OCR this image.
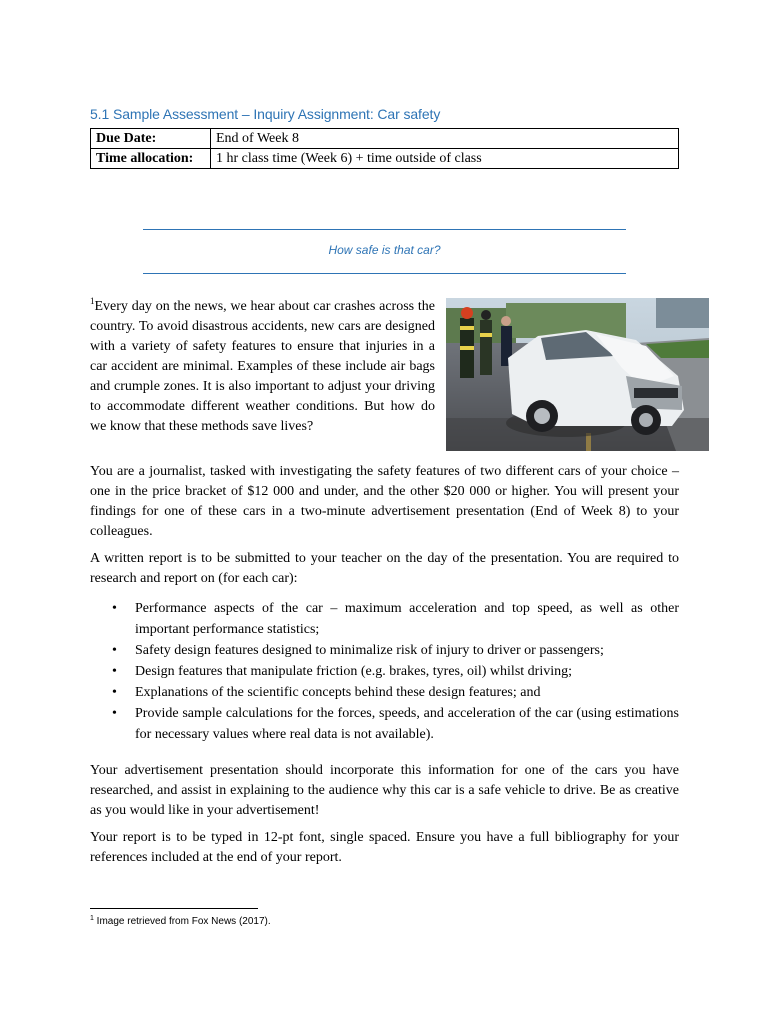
5.1 Sample Assessment – Inquiry Assignment: Car safety
Due Date:	End of Week 8
Time allocation:	1 hr class time (Week 6) + time outside of class
How safe is that car?

$^1$Every day on the news, we hear about car crashes across the country. To avoid disastrous accidents, new cars are designed with a variety of safety features to ensure that injuries in a car accident are minimal. Examples of these include air bags and crumple zones. It is also important to adjust your driving to accommodate different weather conditions. But how do we know that these methods save lives?

You are a journalist, tasked with investigating the safety features of two different cars of your choice – one in the price bracket of $12 000 and under, and the other $20 000 or higher. You will present your findings for one of these cars in a two-minute advertisement presentation (End of Week 8) to your colleagues.

A written report is to be submitted to your teacher on the day of the presentation. You are required to research and report on (for each car):

• Performance aspects of the car – maximum acceleration and top speed, as well as other important performance statistics;
• Safety design features designed to minimalize risk of injury to driver or passengers;
• Design features that manipulate friction (e.g. brakes, tyres, oil) whilst driving;
• Explanations of the scientific concepts behind these design features; and
• Provide sample calculations for the forces, speeds, and acceleration of the car (using estimations for necessary values where real data is not available).

Your advertisement presentation should incorporate this information for one of the cars you have researched, and assist in explaining to the audience why this car is a safe vehicle to drive. Be as creative as you would like in your advertisement!

Your report is to be typed in 12-pt font, single spaced. Ensure you have a full bibliography for your references included at the end of your report.

$^1$ Image retrieved from Fox News (2017).
